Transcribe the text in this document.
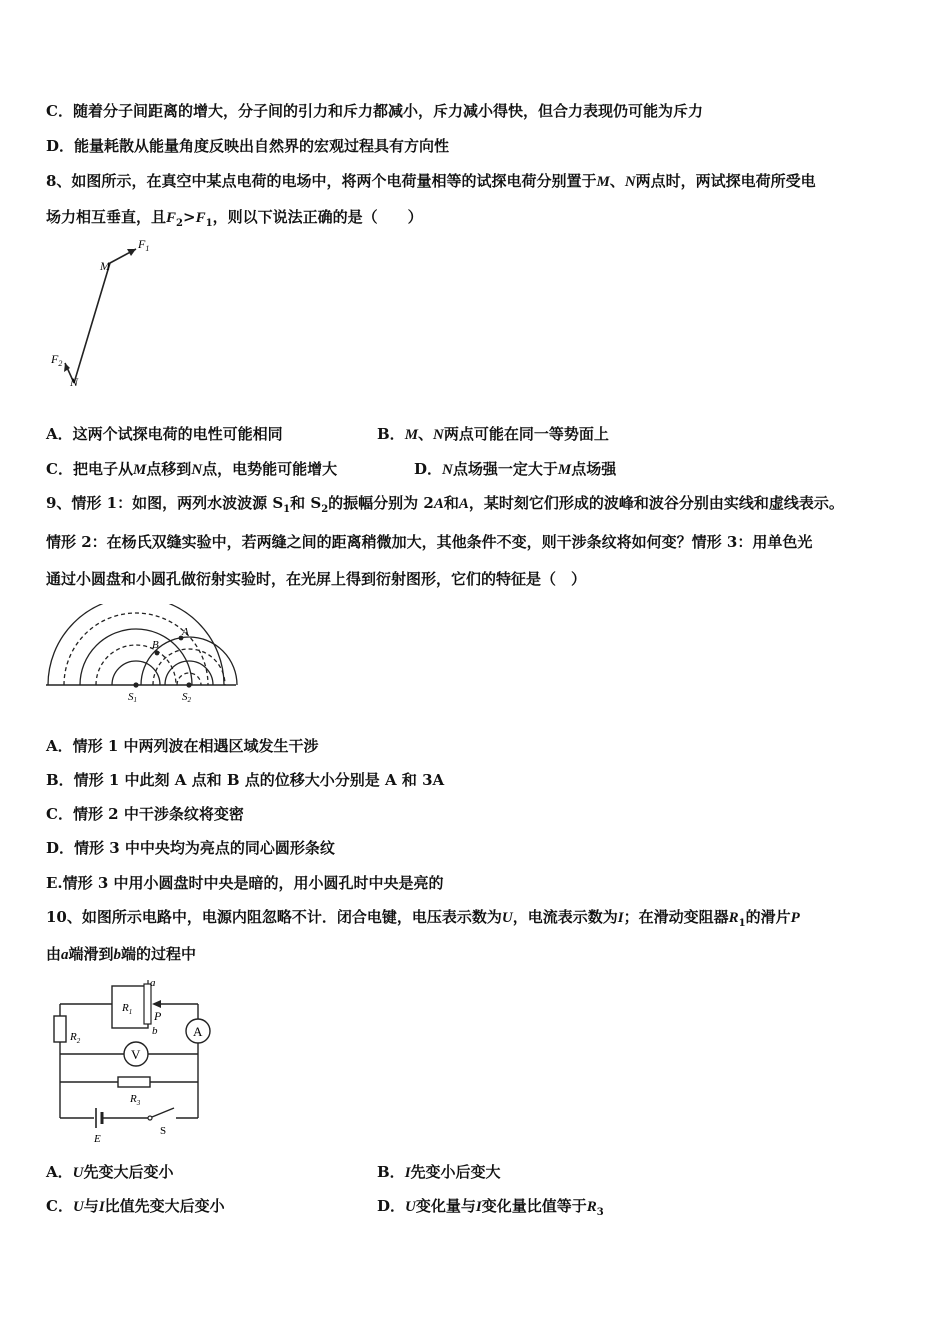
C．随着分子间距离的增大，分子间的引力和斥力都减小，斥力减小得快，但合力表现仍可能为斥力
D．能量耗散从能量角度反映出自然界的宏观过程具有方向性
8、如图所示，在真空中某点电荷的电场中，将两个电荷量相等的试探电荷分别置于M、N两点时，两试探电荷所受电
场力相互垂直，且$F_2>F_1$，则以下说法正确的是（　　）
$F_1$
M
$F_2$
N
A．这两个试探电荷的电性可能相同	B．M、N两点可能在同一等势面上
C．把电子从M点移到N点，电势能可能增大	D．N点场强一定大于M点场强
9、情形 1：如图，两列水波波源 $S_1$和 $S_2$的振幅分别为 2A和A，某时刻它们形成的波峰和波谷分别由实线和虚线表示。
情形 2：在杨氏双缝实验中，若两缝之间的距离稍微加大，其他条件不变，则干涉条纹将如何变？情形 3：用单色光
通过小圆盘和小圆孔做衍射实验时，在光屏上得到衍射图形，它们的特征是（　）
B
A
S1	S2
A．情形 1 中两列波在相遇区域发生干涉
B．情形 1 中此刻 A 点和 B 点的位移大小分别是 A 和 3A
C．情形 2 中干涉条纹将变密
D．情形 3 中中央均为亮点的同心圆形条纹
E.情形 3 中用小圆盘时中央是暗的，用小圆孔时中央是亮的
10、如图所示电路中，电源内阻忽略不计．闭合电键，电压表示数为U，电流表示数为I；在滑动变阻器$R_1$的滑片P
由a端滑到b端的过程中
a
$R_1$ P
b	A
$R_2$
V
$R_3$
E
S
A．U先变大后变小	B．I先变小后变大
C．U与I比值先变大后变小	D．U变化量与I变化量比值等于$R_3$
